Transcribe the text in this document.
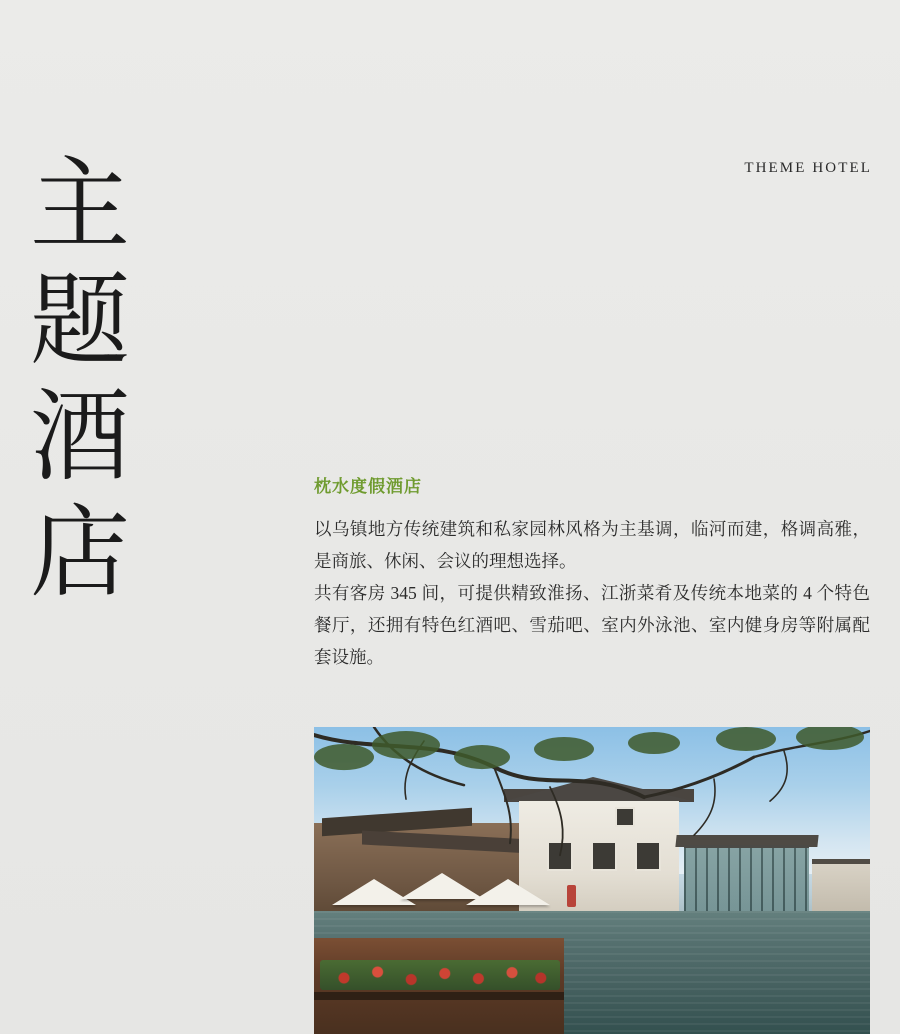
主
题
酒
店
THEME HOTEL
枕水度假酒店

以乌镇地方传统建筑和私家园林风格为主基调，临河而建，格调高雅，是商旅、休闲、会议的理想选择。

共有客房 345 间，可提供精致淮扬、江浙菜肴及传统本地菜的 4 个特色餐厅，还拥有特色红酒吧、雪茄吧、室内外泳池、室内健身房等附属配套设施。
